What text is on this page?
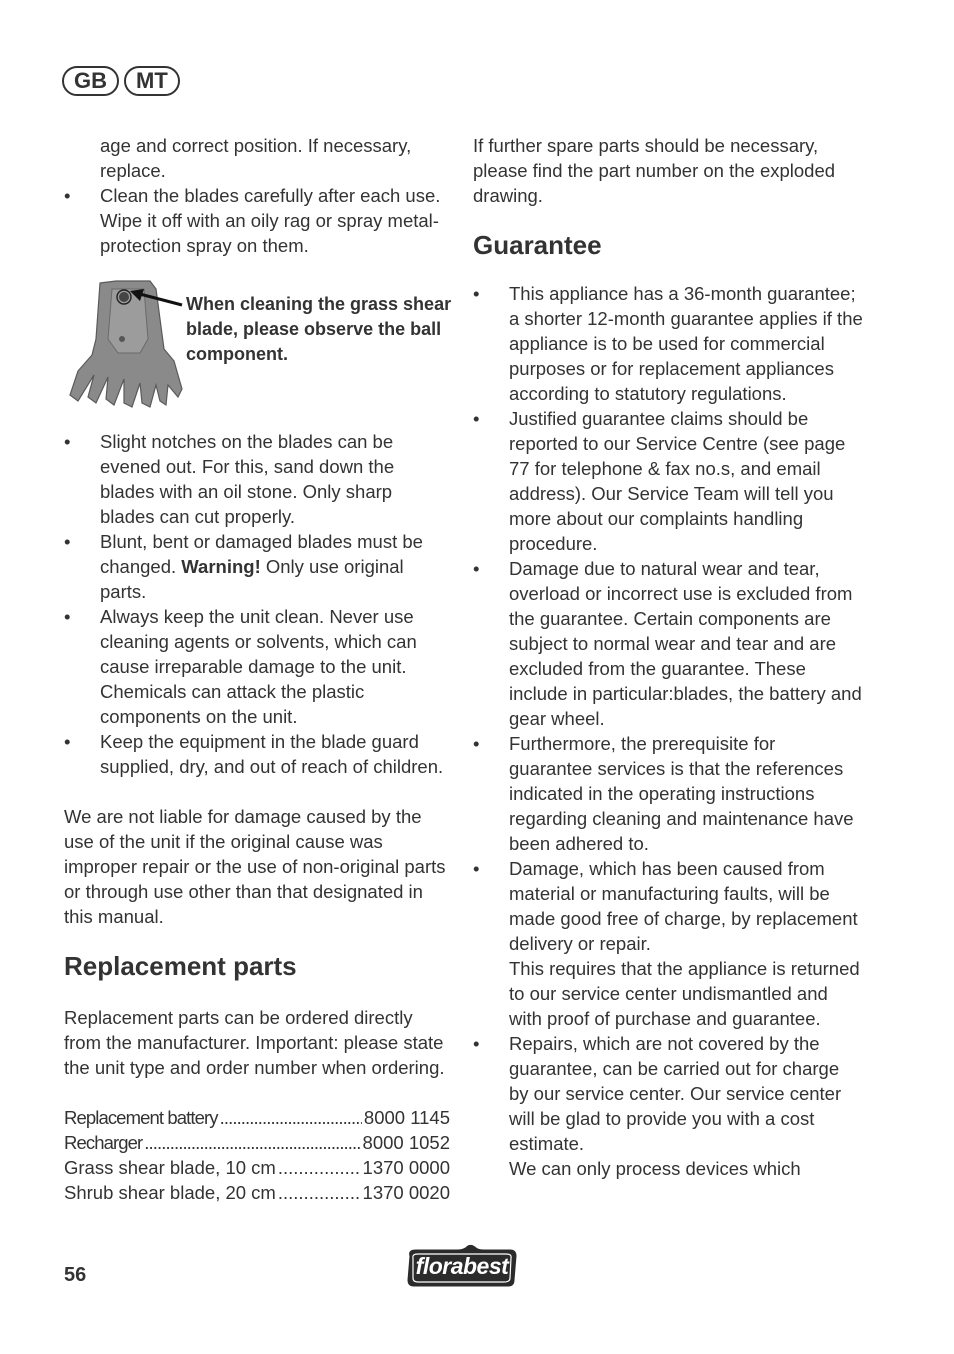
GB	MT

age and correct position. If necessary, replace.

• Clean the blades carefully after each use. Wipe it off with an oily rag or spray metal-protection spray on them.
When cleaning the grass shear blade, please observe the ball component.
• Slight notches on the blades can be evened out. For this, sand down the blades with an oil stone. Only sharp blades can cut properly.
• Blunt, bent or damaged blades must be changed. Warning! Only use original parts.
• Always keep the unit clean. Never use cleaning agents or solvents, which can cause irreparable damage to the unit. Chemicals can attack the plastic components on the unit.
• Keep the equipment in the blade guard supplied, dry, and out of reach of children.

We are not liable for damage caused by the use of the unit if the original cause was improper repair or the use of non-original parts or through use other than that designated in this manual.

Replacement parts

Replacement parts can be ordered directly from the manufacturer. Important: please state the unit type and order number when ordering.

Replacement battery .....	8000 1145
Recharger .....	8000 1052
Grass shear blade, 10 cm .....	1370 0000
Shrub shear blade, 20 cm .....	1370 0020

If further spare parts should be necessary, please find the part number on the exploded drawing.

Guarantee
• This appliance has a 36-month guarantee; a shorter 12-month guarantee applies if the appliance is to be used for commercial purposes or for replacement appliances according to statutory regulations.
• Justified guarantee claims should be reported to our Service Centre (see page 77 for telephone & fax no.s, and email address). Our Service Team will tell you more about our complaints handling procedure.
• Damage due to natural wear and tear, overload or incorrect use is excluded from the guarantee. Certain components are subject to normal wear and tear and are excluded from the guarantee. These include in particular:blades, the battery and gear wheel.
• Furthermore, the prerequisite for guarantee services is that the references indicated in the operating instructions regarding cleaning and maintenance have been adhered to.
• Damage, which has been caused from material or manufacturing faults, will be made good free of charge, by replacement delivery or repair.
This requires that the appliance is returned to our service center undismantled and with proof of purchase and guarantee.
• Repairs, which are not covered by the guarantee, can be carried out for charge by our service center. Our service center will be glad to provide you with a cost estimate.
We can only process devices which
56	florabest
